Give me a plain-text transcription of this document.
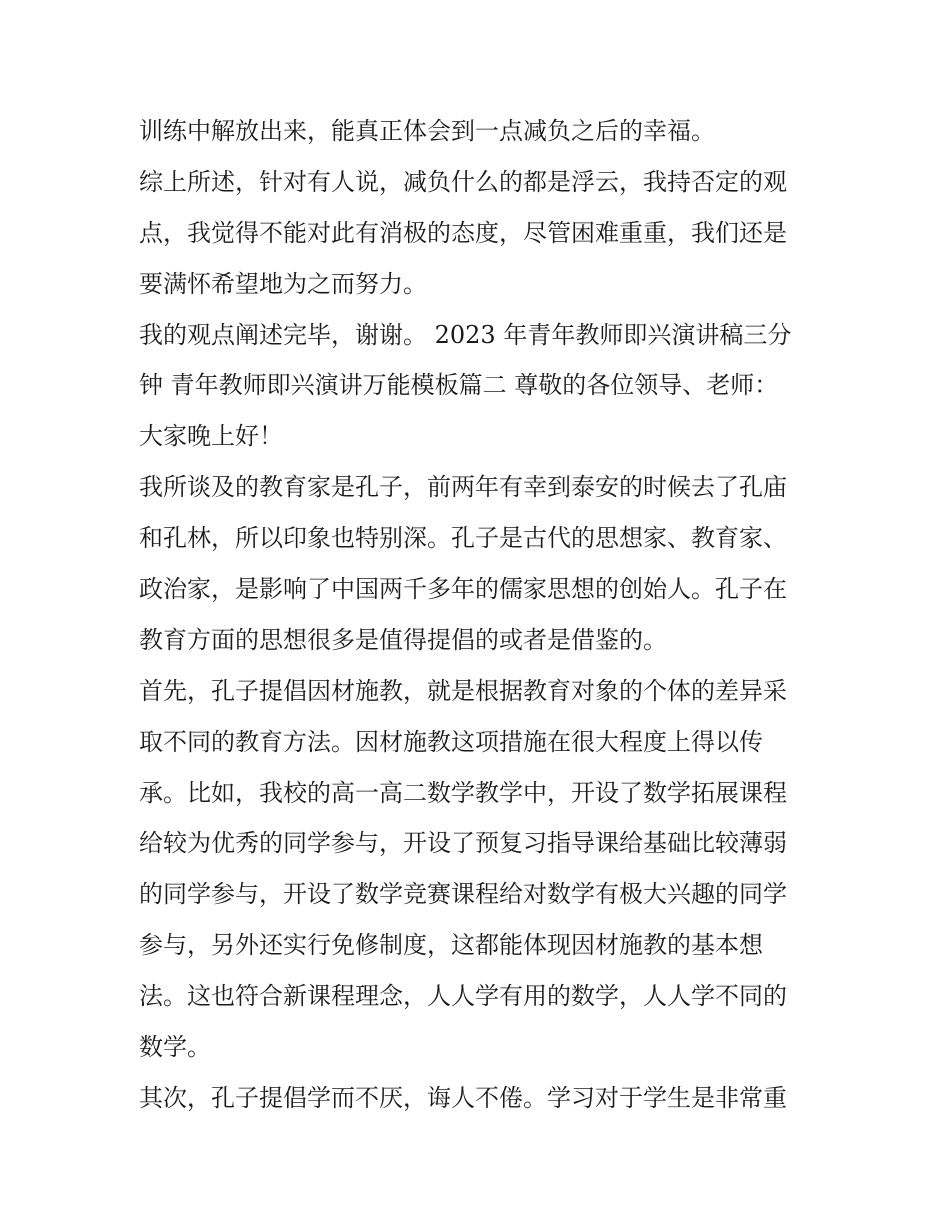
训练中解放出来，能真正体会到一点减负之后的幸福。
综上所述，针对有人说，减负什么的都是浮云，我持否定的观
点，我觉得不能对此有消极的态度，尽管困难重重，我们还是
要满怀希望地为之而努力。
我的观点阐述完毕，谢谢。 2023 年青年教师即兴演讲稿三分
钟 青年教师即兴演讲万能模板篇二 尊敬的各位领导、老师：
大家晚上好！
我所谈及的教育家是孔子，前两年有幸到泰安的时候去了孔庙
和孔林，所以印象也特别深。孔子是古代的思想家、教育家、
政治家，是影响了中国两千多年的儒家思想的创始人。孔子在
教育方面的思想很多是值得提倡的或者是借鉴的。
首先，孔子提倡因材施教，就是根据教育对象的个体的差异采
取不同的教育方法。因材施教这项措施在很大程度上得以传
承。比如，我校的高一高二数学教学中，开设了数学拓展课程
给较为优秀的同学参与，开设了预复习指导课给基础比较薄弱
的同学参与，开设了数学竞赛课程给对数学有极大兴趣的同学
参与，另外还实行免修制度，这都能体现因材施教的基本想
法。这也符合新课程理念，人人学有用的数学，人人学不同的
数学。
其次，孔子提倡学而不厌，诲人不倦。学习对于学生是非常重
